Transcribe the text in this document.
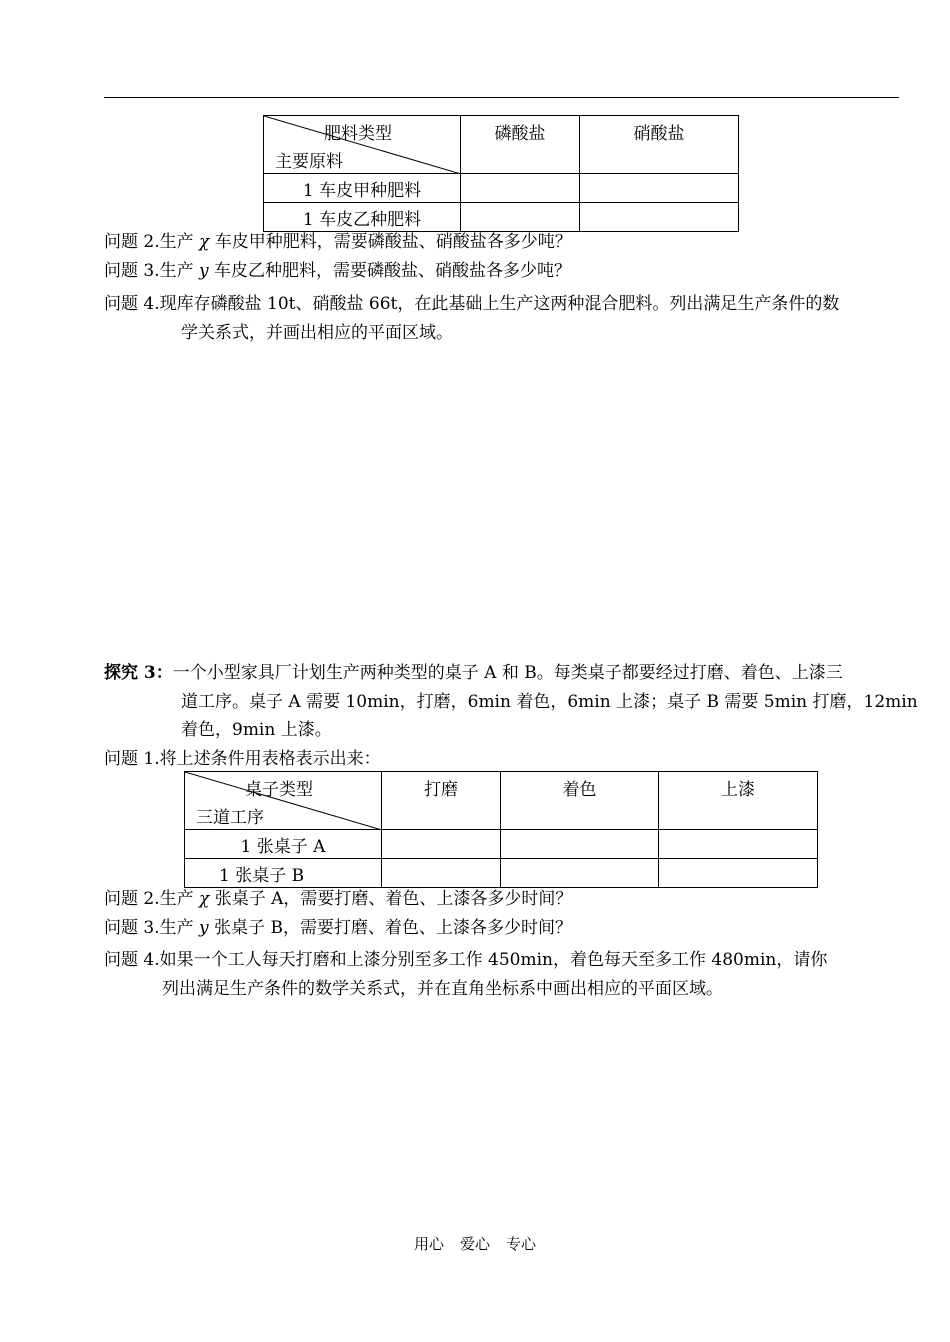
肥料类型
主要原料	磷酸盐	硝酸盐
1 车皮甲种肥料		
1 车皮乙种肥料		
问题 2.生产 χ 车皮甲种肥料，需要磷酸盐、硝酸盐各多少吨？
问题 3.生产 y 车皮乙种肥料，需要磷酸盐、硝酸盐各多少吨？
问题 4.现库存磷酸盐 10t、硝酸盐 66t，在此基础上生产这两种混合肥料。列出满足生产条件的数
学关系式，并画出相应的平面区域。
探究 3：一个小型家具厂计划生产两种类型的桌子 A 和 B。每类桌子都要经过打磨、着色、上漆三
道工序。桌子 A 需要 10min，打磨，6min 着色，6min 上漆；桌子 B 需要 5min 打磨，12min
着色，9min 上漆。
问题 1.将上述条件用表格表示出来：
桌子类型
三道工序	打磨	着色	上漆
1 张桌子 A			
1 张桌子 B			
问题 2.生产 χ 张桌子 A，需要打磨、着色、上漆各多少时间？
问题 3.生产 y 张桌子 B，需要打磨、着色、上漆各多少时间？
问题 4.如果一个工人每天打磨和上漆分别至多工作 450min，着色每天至多工作 480min，请你
列出满足生产条件的数学关系式，并在直角坐标系中画出相应的平面区域。
用心 爱心 专心
